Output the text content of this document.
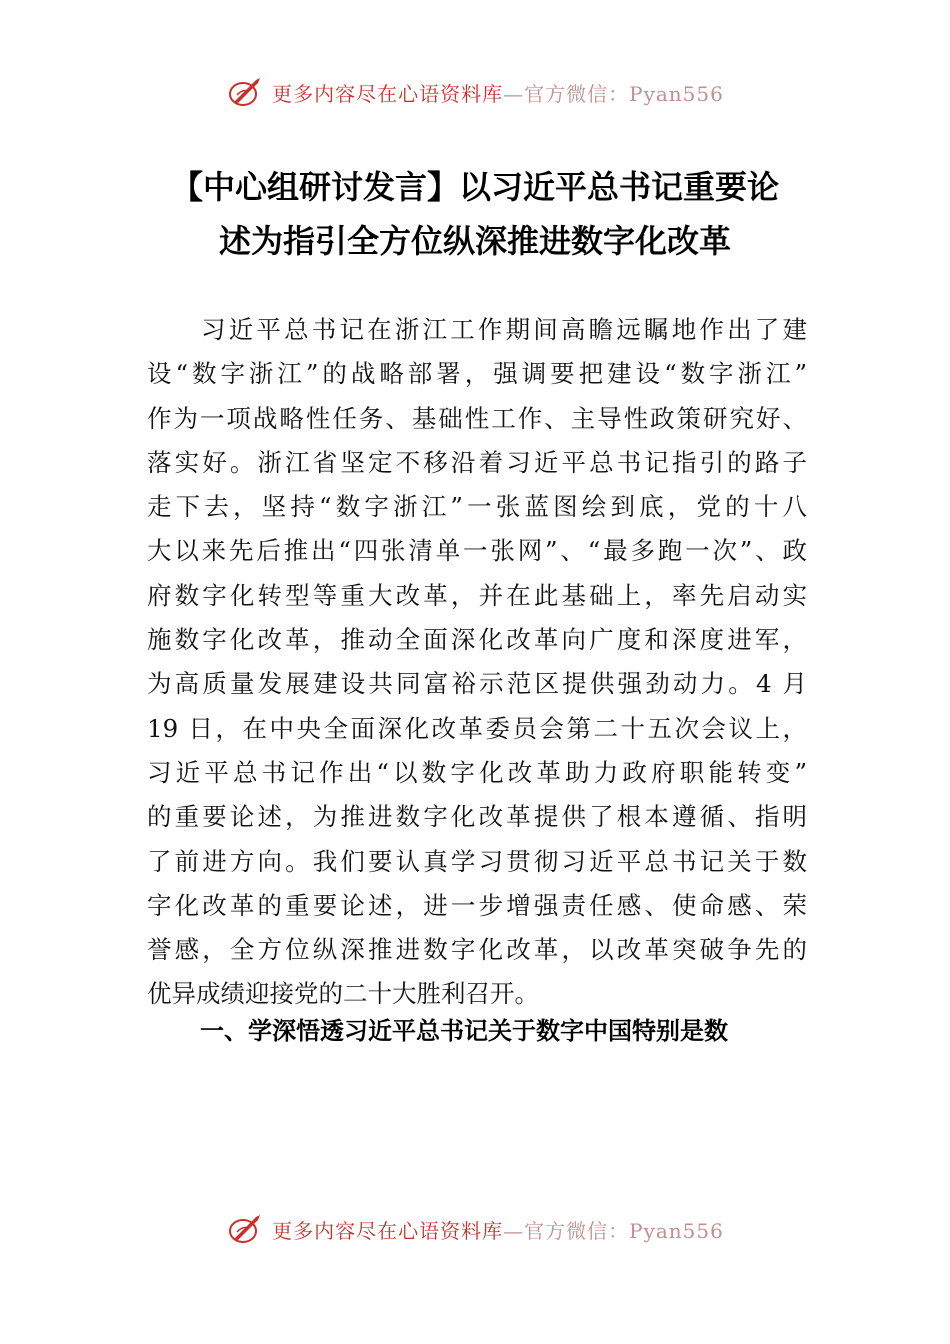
更多内容尽在心语资料库—官方微信：Pyan556
【中心组研讨发言】以习近平总书记重要论
述为指引全方位纵深推进数字化改革
习近平总书记在浙江工作期间高瞻远瞩地作出了建
设“数字浙江”的战略部署，强调要把建设“数字浙江”
作为一项战略性任务、基础性工作、主导性政策研究好、
落实好。浙江省坚定不移沿着习近平总书记指引的路子
走下去，坚持“数字浙江”一张蓝图绘到底，党的十八
大以来先后推出“四张清单一张网”、“最多跑一次”、政
府数字化转型等重大改革，并在此基础上，率先启动实
施数字化改革，推动全面深化改革向广度和深度进军，
为高质量发展建设共同富裕示范区提供强劲动力。4 月
19 日，在中央全面深化改革委员会第二十五次会议上，
习近平总书记作出“以数字化改革助力政府职能转变”
的重要论述，为推进数字化改革提供了根本遵循、指明
了前进方向。我们要认真学习贯彻习近平总书记关于数
字化改革的重要论述，进一步增强责任感、使命感、荣
誉感，全方位纵深推进数字化改革，以改革突破争先的
优异成绩迎接党的二十大胜利召开。
一、学深悟透习近平总书记关于数字中国特别是数
更多内容尽在心语资料库—官方微信：Pyan556
